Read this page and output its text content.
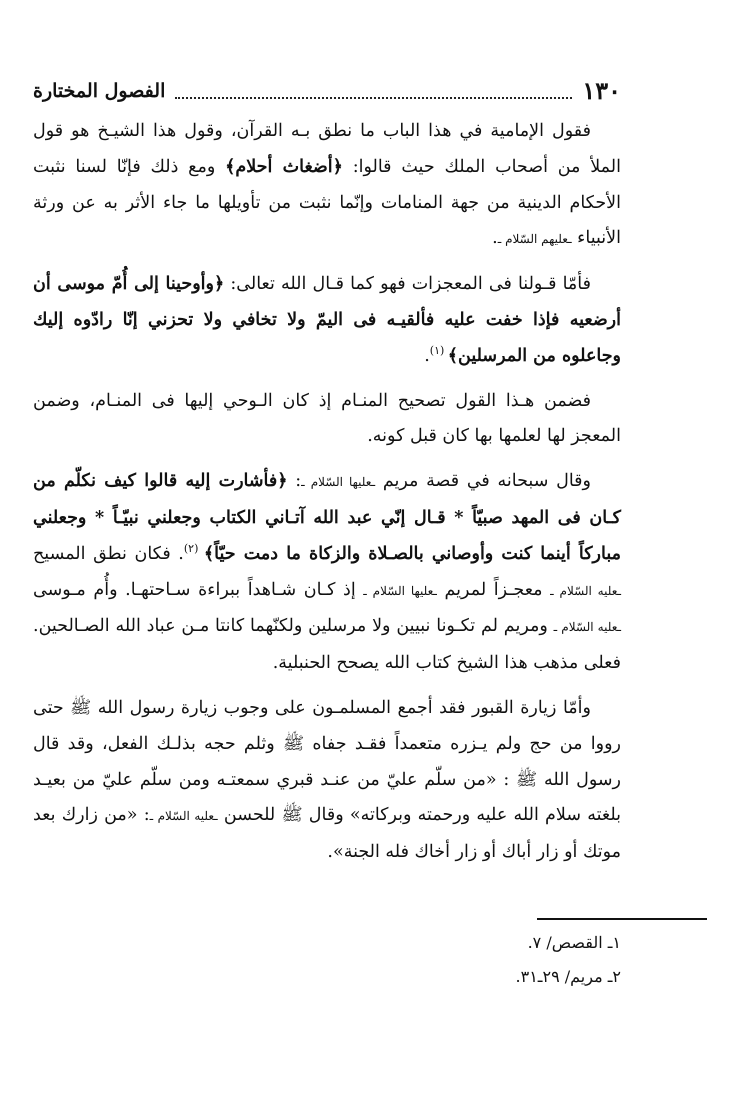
١٣٠
الفصول المختارة

فقول الإمامية في هذا الباب ما نطق بـه القرآن، وقول هذا الشيـخ هو قول الملأ من أصحاب الملك حيث قالوا: ﴿أضغاث أحلام﴾ ومع ذلك فإنّا لسنا نثبت الأحكام الدينية من جهة المنامات وإنّما نثبت من تأويلها ما جاء الأثر به عن ورثة الأنبياء ـعليهم السّلام ـ.

فأمّا قـولنا فى المعجزات فهو كما قـال الله تعالى: ﴿وأوحينا إلى أُمّ موسى أن أرضعيه فإذا خفت عليه فألقيـه فى اليمّ ولا تخافي ولا تحزني إنّا رادّوه إليك وجاعلوه من المرسلين﴾ $^{(١)}$.

فضمن هـذا القول تصحيح المنـام إذ كان الـوحي إليها فى المنـام، وضمن المعجز لها لعلمها بها كان قبل كونه.

وقال سبحانه في قصة مريم ـعليها السّلام ـ: ﴿فأشارت إليه قالوا كيف نكلّم من كـان فى المهد صبيّاً * قـال إنّي عبد الله آتـاني الكتاب وجعلني نبيّـاً * وجعلني مباركاً أينما كنت وأوصاني بالصـلاة والزكاة ما دمت حيّاً﴾ $^{(٢)}$. فكان نطق المسيح ـعليه السّلام ـ معجـزاً لمريم ـعليها السّلام ـ إذ كـان شـاهداً ببراءة سـاحتهـا. وأُم مـوسى ـعليه السّلام ـ ومريم لم تكـونا نبيين ولا مرسلين ولكنّهما كانتا مـن عباد الله الصـالحين. فعلى مذهب هذا الشيخ كتاب الله يصحح الحنبلية.

وأمّا زيارة القبور فقد أجمع المسلمـون على وجوب زيارة رسول الله ﷺ حتى رووا من حج ولم يـزره متعمداً فقـد جفاه ﷺ وثلم حجه بذلـك الفعل، وقد قال رسول الله ﷺ : «من سلّم عليّ من عنـد قبري سمعتـه ومن سلّم عليّ من بعيـد بلغته سلام الله عليه ورحمته وبركاته» وقال ﷺ للحسن ـعليه السّلام ـ: «من زارك بعد موتك أو زار أباك أو زار أخاك فله الجنة».

١ـ القصص/ ٧.

٢ـ مريم/ ٢٩ـ٣١.
